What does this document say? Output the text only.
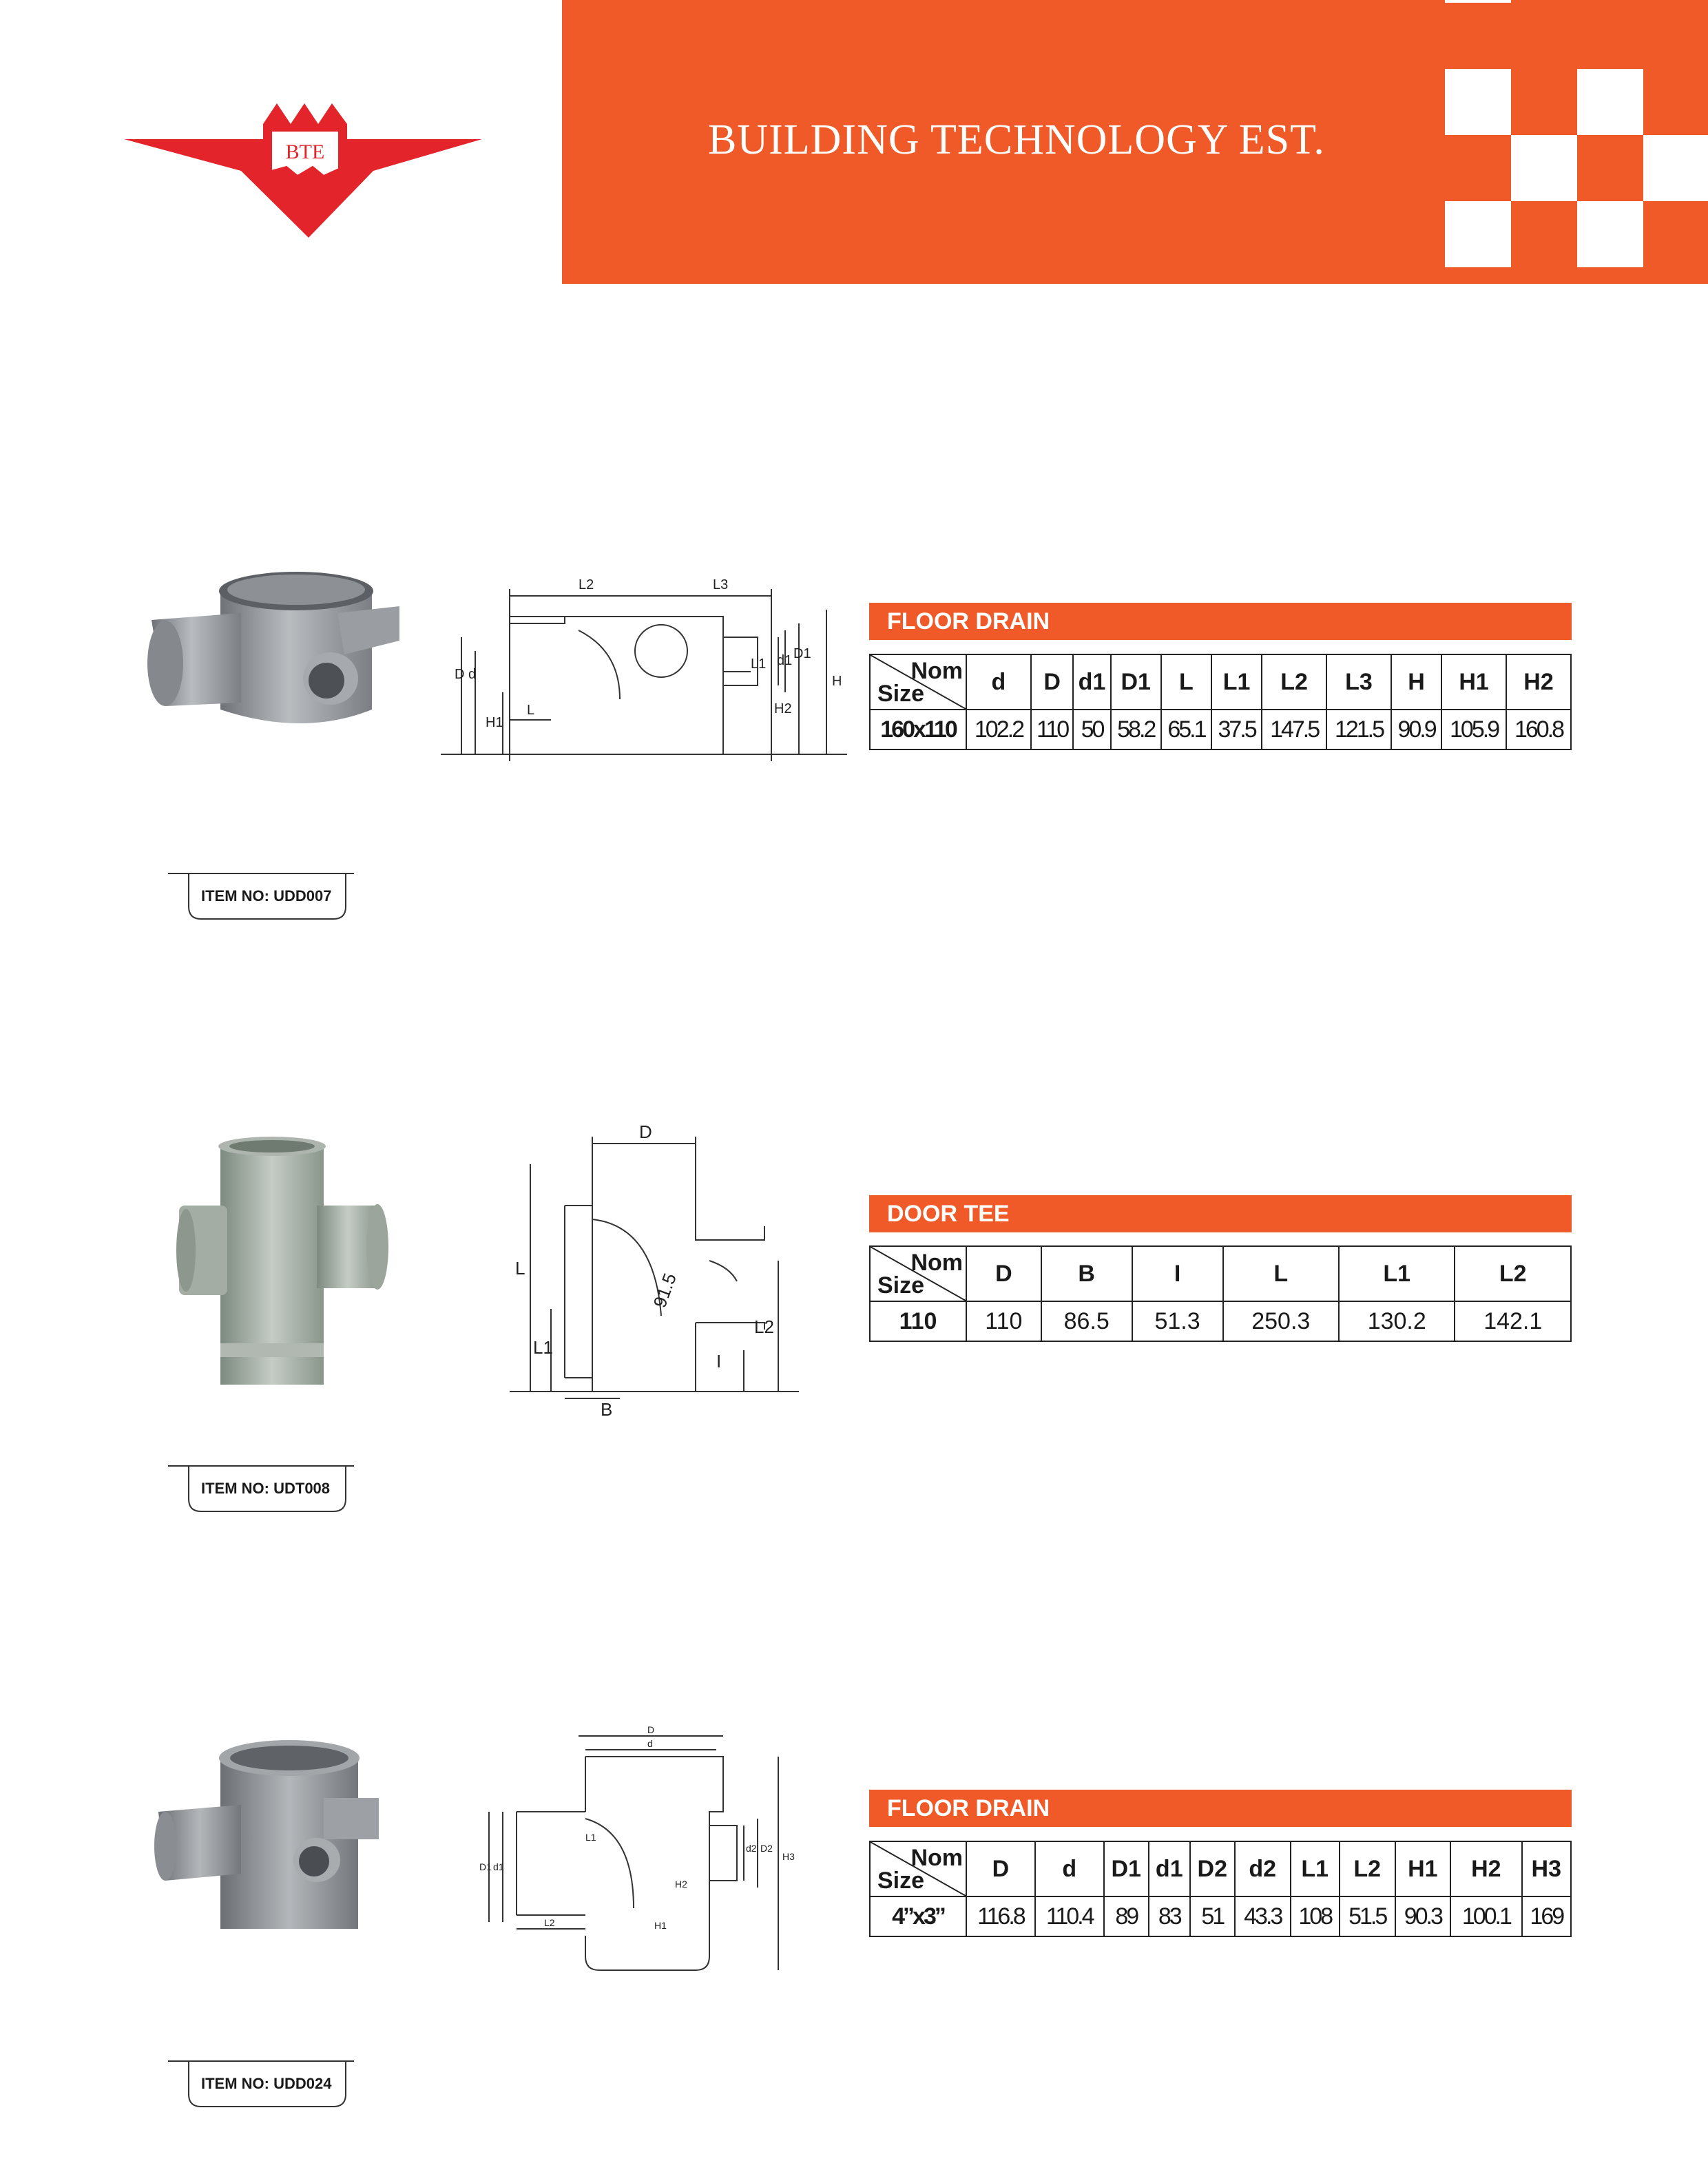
BUILDING TECHNOLOGY EST.
BTE
L2	L3
D d
H1
L
L1 d1 D1
H2
H
FLOOR DRAIN
Nom
Size	d	D	d1	D1	L	L1	L2	L3	H	H1	H2
160x110	102.2	110	50	58.2	65.1	37.5	147.5	121.5	90.9	105.9	160.8
ITEM NO: UDD007
D
L
L1
91.5
L2
I
B
DOOR TEE
Nom
Size	D	B	I	L	L1	L2
110	110	86.5	51.3	250.3	130.2	142.1
ITEM NO: UDT008
D
d
L1
L2	H1
H2
H3
d2 D2
D1 d1
FLOOR DRAIN
Nom
Size	D	d	D1	d1	D2	d2	L1	L2	H1	H2	H3
4”x3”	116.8	110.4	89	83	51	43.3	108	51.5	90.3	100.1	169
ITEM NO: UDD024
